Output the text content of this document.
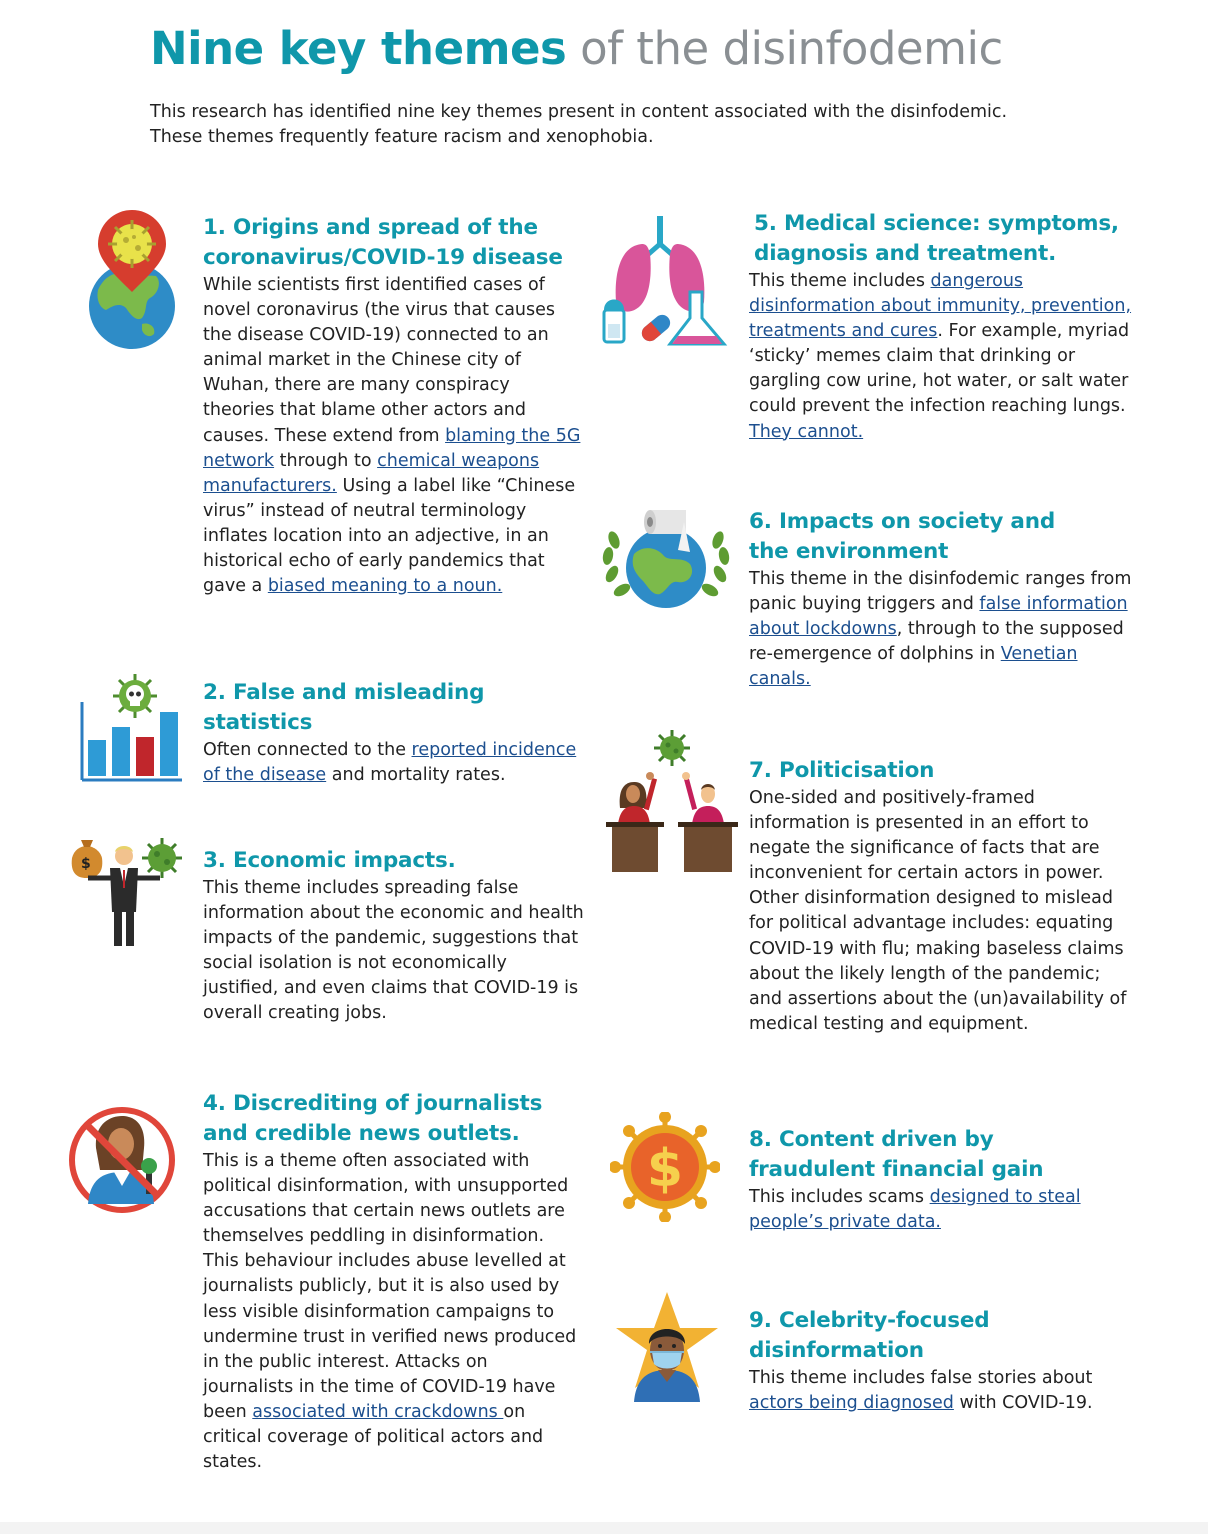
Nine key themes of the disinfodemic

This research has identified nine key themes present in content associated with the disinfodemic. These themes frequently feature racism and xenophobia.

$
$
1. Origins and spread of the coronavirus/COVID-19 disease

While scientists first identified cases of novel coronavirus (the virus that causes the disease COVID-19) connected to an animal market in the Chinese city of Wuhan, there are many conspiracy theories that blame other actors and causes. These extend from blaming the 5G network through to chemical weapons manufacturers. Using a label like “Chinese virus” instead of neutral terminology inflates location into an adjective, in an historical echo of early pandemics that gave a biased meaning to a noun.

2. False and misleading statistics

Often connected to the reported incidence of the disease and mortality rates.

3. Economic impacts.

This theme includes spreading false information about the economic and health impacts of the pandemic, suggestions that social isolation is not economically justified, and even claims that COVID-19 is overall creating jobs.

4. Discrediting of journalists and credible news outlets.

This is a theme often associated with political disinformation, with unsupported accusations that certain news outlets are themselves peddling in disinformation. This behaviour includes abuse levelled at journalists publicly, but it is also used by less visible disinformation campaigns to undermine trust in verified news produced in the public interest. Attacks on journalists in the time of COVID-19 have been associated with crackdowns on critical coverage of political actors and states.

5. Medical science: symptoms, diagnosis and treatment.

This theme includes dangerous disinformation about immunity, prevention, treatments and cures. For example, myriad ‘sticky’ memes claim that drinking or gargling cow urine, hot water, or salt water could prevent the infection reaching lungs. They cannot.

6. Impacts on society and the environment

This theme in the disinfodemic ranges from panic buying triggers and false information about lockdowns, through to the supposed re-emergence of dolphins in Venetian canals.

7. Politicisation

One-sided and positively-framed information is presented in an effort to negate the significance of facts that are inconvenient for certain actors in power. Other disinformation designed to mislead for political advantage includes: equating COVID-19 with flu; making baseless claims about the likely length of the pandemic; and assertions about the (un)availability of medical testing and equipment.

8. Content driven by fraudulent financial gain

This includes scams designed to steal people’s private data.

9. Celebrity-focused disinformation

This theme includes false stories about actors being diagnosed with COVID-19.
